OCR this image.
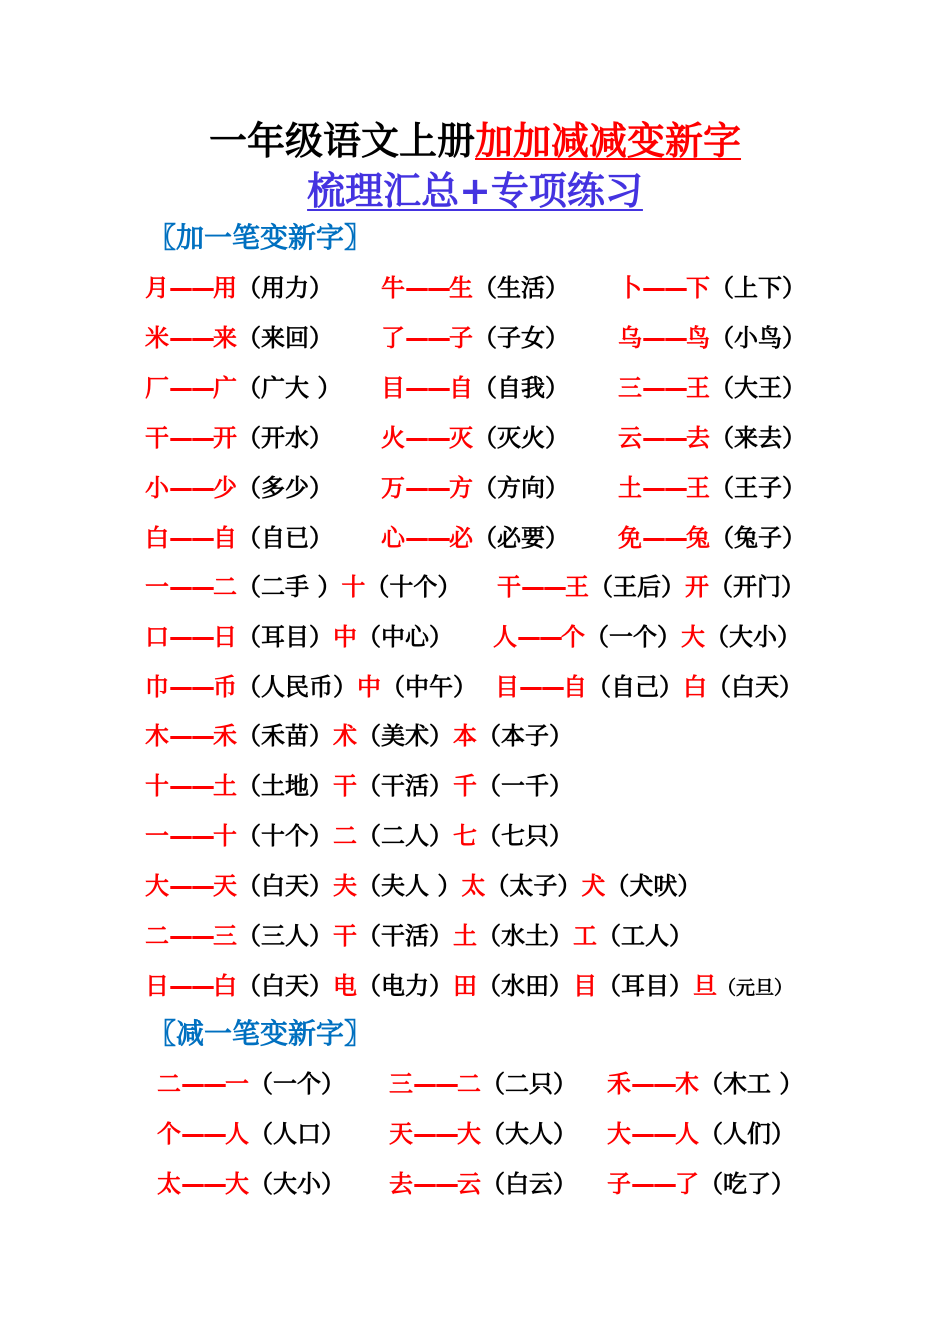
一年级语文上册加加减减变新字
梳理汇总+专项练习
〖加一笔变新字〗
〖减一笔变新字〗
月——用（用力） 牛——生（生活） 卜——下（上下）
米——来（来回） 了——子（子女） 乌——鸟（小鸟）
厂——广（广大 ） 目——自（自我） 三——王（大王）
干——开（开水） 火——灭（灭火） 云——去（来去）
小——少（多少） 万——方（方向） 土——王（王子）
白——自（自已） 心——必（必要） 免——兔（兔子）
一——二（二手 ）十（十个） 干——王（王后）开（开门）
口——日（耳目）中（中心） 人——个（一个）大（大小）
巾——币（人民币）中（中午） 目——自（自己）白（白天）
木——禾（禾苗）术（美术）本（本子）
十——土（土地）干（干活）千（一千）
一——十（十个）二（二人）七（七只）
大——天（白天）夫（夫人 ）太（太子）犬（犬吠）
二——三（三人）干（干活）土（水土）工（工人）
日——白（白天）电（电力）田（水田）目（耳目）旦（元旦）
二——一（一个） 三——二（二只） 禾——木（木工 ）
个——人（人口） 天——大（大人） 大——人（人们）
太——大（大小） 去——云（白云） 子——了（吃了）
